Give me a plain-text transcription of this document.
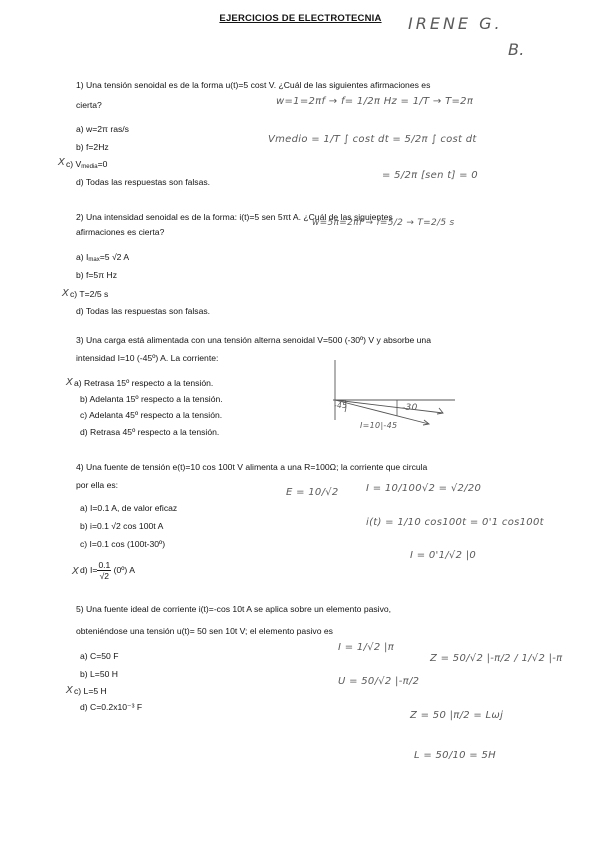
EJERCICIOS DE ELECTROTECNIA	IRENE G.
B.
1) Una tensión senoidal es de la forma u(t)=5 cost V. ¿Cuál de las siguientes afirmaciones es
cierta?
a) w=2π ras/s
b) f=2Hz
X c) $V_{media}=0$
d) Todas las respuestas son falsas.
w=1=2πf → f= 1/2π Hz = 1/T → T=2π
Vmedio = 1/T ∫ cost dt = 5/2π ∫ cost dt
= 5/2π [sen t] = 0
2) Una intensidad senoidal es de la forma: i(t)=5 sen 5πt A. ¿Cuál de las siguientes
afirmaciones es cierta?
a) $I_{max}=5$ √2 A
b) f=5π Hz
X c) T=2/5 s
d) Todas las respuestas son falsas.
w=5π=2πf → f=5/2 → T=2/5 s
3) Una carga está alimentada con una tensión alterna senoidal V=500 (-30º) V y absorbe una
intensidad I=10 (-45º) A. La corriente:
X a) Retrasa 15º respecto a la tensión.
b) Adelanta 15º respecto a la tensión.
c) Adelanta 45º respecto a la tensión.
d) Retrasa 45º respecto a la tensión.
-30
-45
I=10|-45
4) Una fuente de tensión e(t)=10 cos 100t V alimenta a una R=100Ω; la corriente que circula
por ella es:
a) I=0.1 A, de valor eficaz
b) i=0.1 √2 cos 100t A
c) I=0.1 cos (100t-30º)
X d) $I= \frac{0.1}{√2}$ (0º) A
E = 10/√2	I = 10/100√2 = √2/20
i(t) = 1/10 cos100t = 0'1 cos100t
I = 0'1/√2 |0
5) Una fuente ideal de corriente i(t)=-cos 10t A se aplica sobre un elemento pasivo,
obteniéndose una tensión u(t)= 50 sen 10t V; el elemento pasivo es
a) C=50 F
b) L=50 H
X c) L=5 H
d) C=0.2x10⁻³ F
I = 1/√2 |π
U = 50/√2 |-π/2
Z = 50/√2 |-π/2 / 1/√2 |-π
Z = 50 |π/2 = Lωj
L = 50/10 = 5H
